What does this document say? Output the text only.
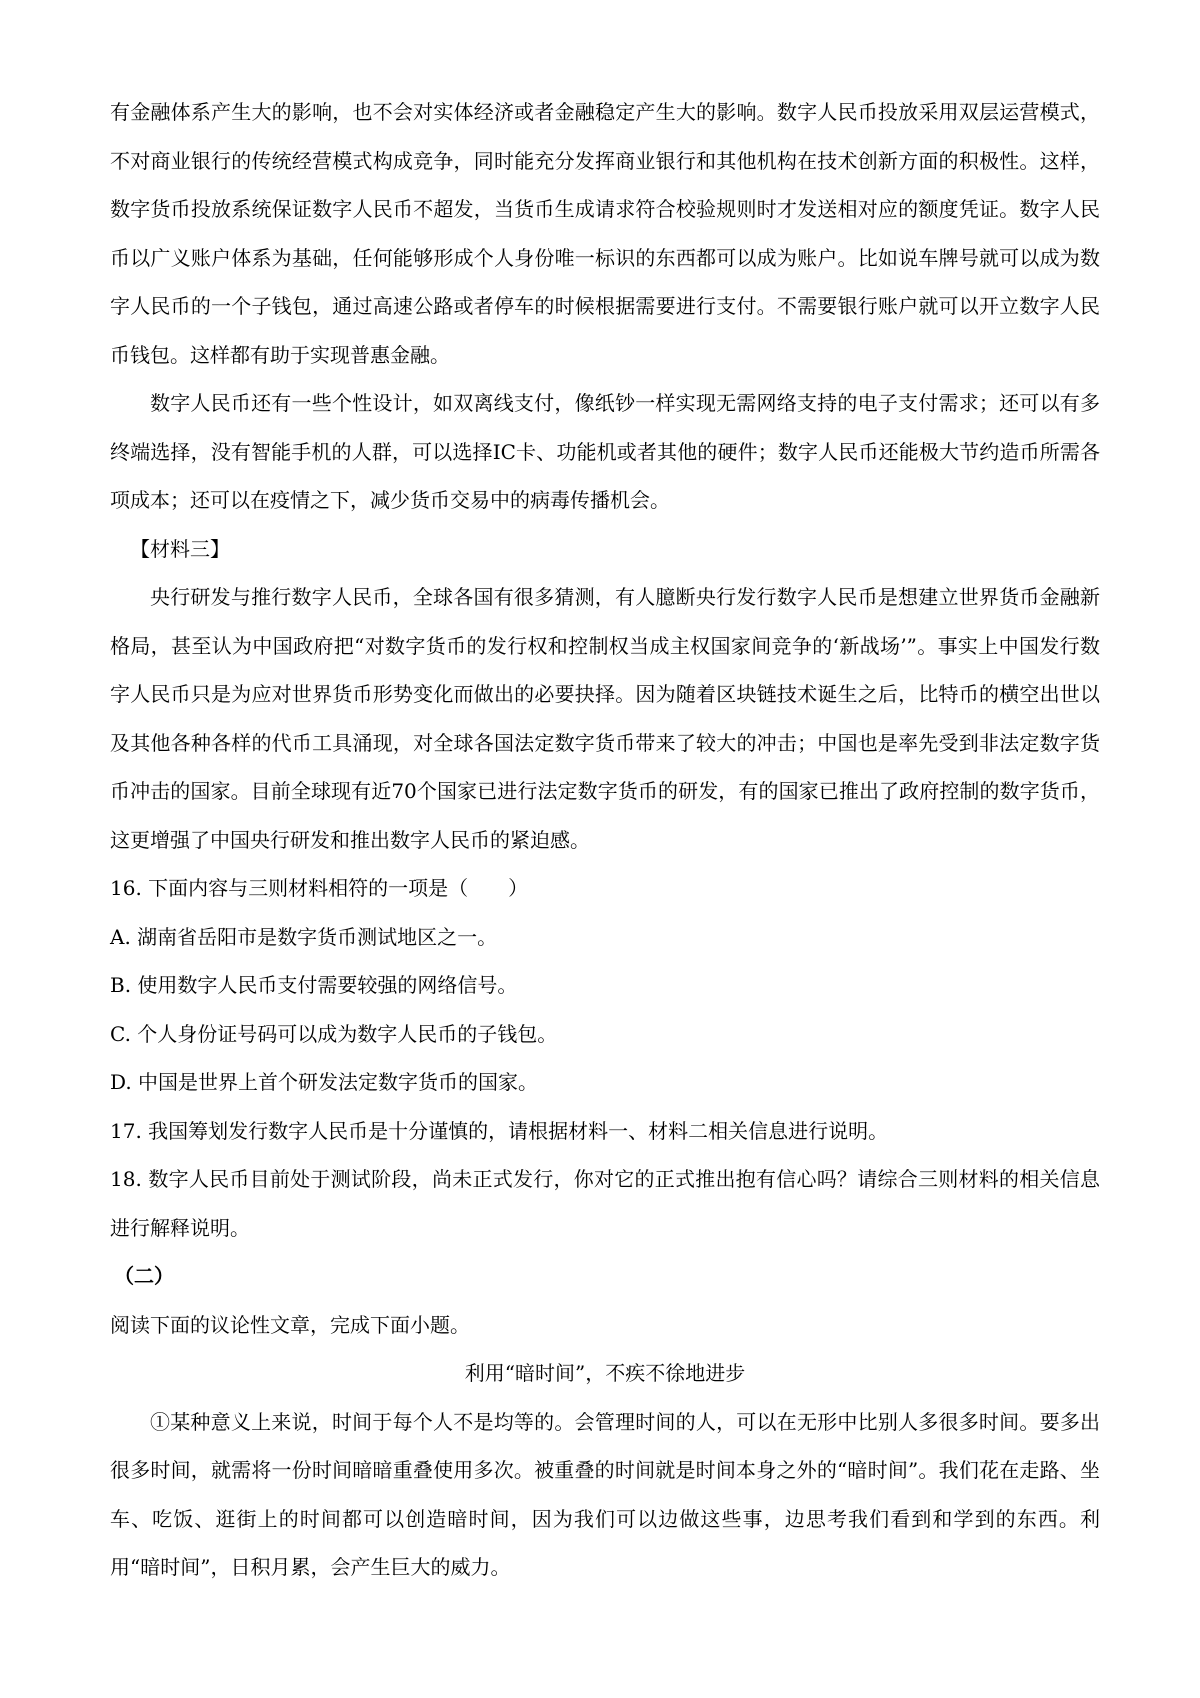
有金融体系产生大的影响，也不会对实体经济或者金融稳定产生大的影响。数字人民币投放采用双层运营模式，不对商业银行的传统经营模式构成竞争，同时能充分发挥商业银行和其他机构在技术创新方面的积极性。这样，数字货币投放系统保证数字人民币不超发，当货币生成请求符合校验规则时才发送相对应的额度凭证。数字人民币以广义账户体系为基础，任何能够形成个人身份唯一标识的东西都可以成为账户。比如说车牌号就可以成为数字人民币的一个子钱包，通过高速公路或者停车的时候根据需要进行支付。不需要银行账户就可以开立数字人民币钱包。这样都有助于实现普惠金融。

数字人民币还有一些个性设计，如双离线支付，像纸钞一样实现无需网络支持的电子支付需求；还可以有多终端选择，没有智能手机的人群，可以选择IC卡、功能机或者其他的硬件；数字人民币还能极大节约造币所需各项成本；还可以在疫情之下，减少货币交易中的病毒传播机会。

【材料三】

央行研发与推行数字人民币，全球各国有很多猜测，有人臆断央行发行数字人民币是想建立世界货币金融新格局，甚至认为中国政府把“对数字货币的发行权和控制权当成主权国家间竞争的‘新战场’”。事实上中国发行数字人民币只是为应对世界货币形势变化而做出的必要抉择。因为随着区块链技术诞生之后，比特币的横空出世以及其他各种各样的代币工具涌现，对全球各国法定数字货币带来了较大的冲击；中国也是率先受到非法定数字货币冲击的国家。目前全球现有近70个国家已进行法定数字货币的研发，有的国家已推出了政府控制的数字货币，这更增强了中国央行研发和推出数字人民币的紧迫感。

16. 下面内容与三则材料相符的一项是（　　）

A. 湖南省岳阳市是数字货币测试地区之一。

B. 使用数字人民币支付需要较强的网络信号。

C. 个人身份证号码可以成为数字人民币的子钱包。

D. 中国是世界上首个研发法定数字货币的国家。

17. 我国筹划发行数字人民币是十分谨慎的，请根据材料一、材料二相关信息进行说明。

18. 数字人民币目前处于测试阶段，尚未正式发行，你对它的正式推出抱有信心吗？请综合三则材料的相关信息进行解释说明。

（二）

阅读下面的议论性文章，完成下面小题。

利用“暗时间”，不疾不徐地进步

①某种意义上来说，时间于每个人不是均等的。会管理时间的人，可以在无形中比别人多很多时间。要多出很多时间，就需将一份时间暗暗重叠使用多次。被重叠的时间就是时间本身之外的“暗时间”。我们花在走路、坐车、吃饭、逛街上的时间都可以创造暗时间，因为我们可以边做这些事，边思考我们看到和学到的东西。利用“暗时间”，日积月累，会产生巨大的威力。
